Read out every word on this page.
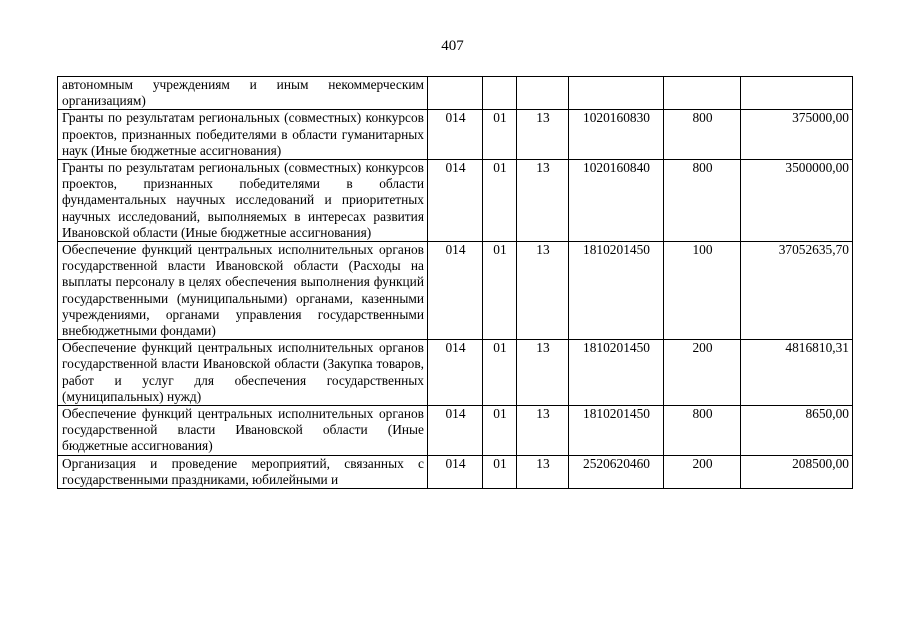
407
автономным учреждениям и иным некоммерческим организациям)						
Гранты по результатам региональных (совместных) конкурсов проектов, признанных победителями в области гуманитарных наук (Иные бюджетные ассигнования)	014	01	13	1020160830	800	375000,00
Гранты по результатам региональных (совместных) конкурсов проектов, признанных победителями в области фундаментальных научных исследований и приоритетных научных исследований, выполняемых в интересах развития Ивановской области (Иные бюджетные ассигнования)	014	01	13	1020160840	800	3500000,00
Обеспечение функций центральных исполнительных органов государственной власти Ивановской области (Расходы на выплаты персоналу в целях обеспечения выполнения функций государственными (муниципальными) органами, казенными учреждениями, органами управления государственными внебюджетными фондами)	014	01	13	1810201450	100	37052635,70
Обеспечение функций центральных исполнительных органов государственной власти Ивановской области (Закупка товаров, работ и услуг для обеспечения государственных (муниципальных) нужд)	014	01	13	1810201450	200	4816810,31
Обеспечение функций центральных исполнительных органов государственной власти Ивановской области (Иные бюджетные ассигнования)	014	01	13	1810201450	800	8650,00
Организация и проведение мероприятий, связанных с государственными праздниками, юбилейными и	014	01	13	2520620460	200	208500,00
